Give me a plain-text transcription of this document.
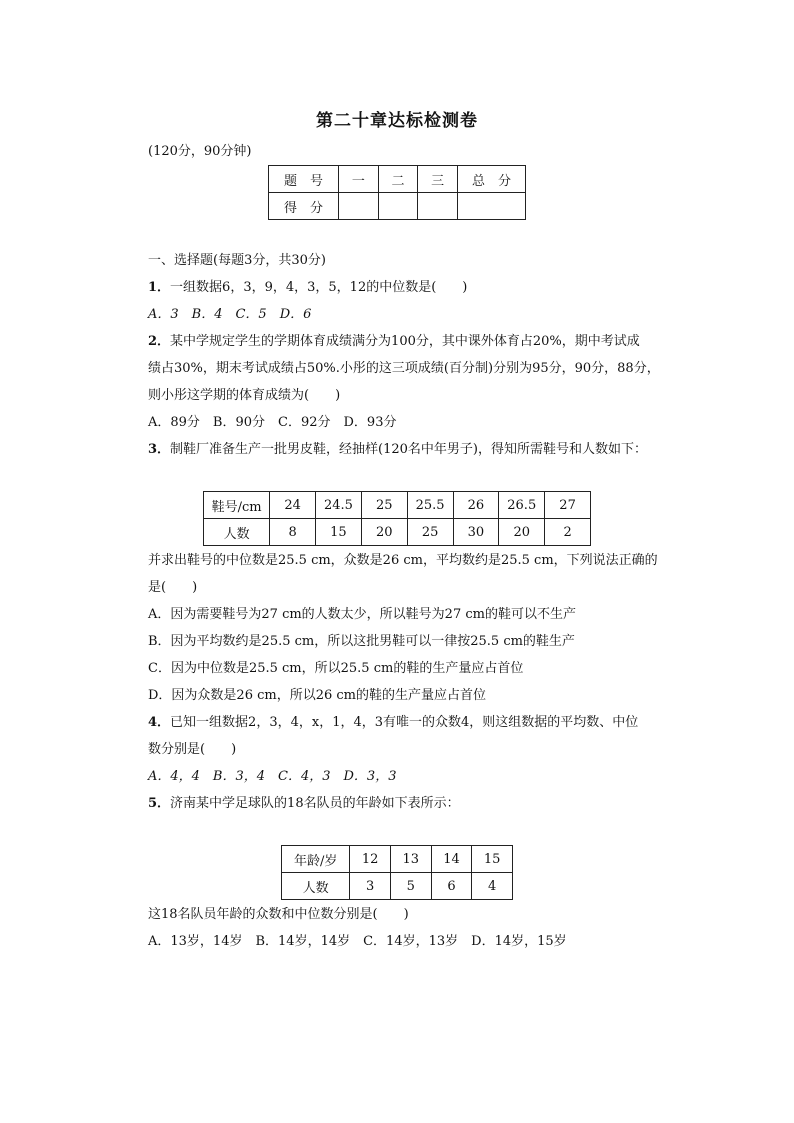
第二十章达标检测卷
(120分，90分钟)
题　号	一	二	三	总　分
得　分				
一、选择题(每题3分，共30分)
1．一组数据6，3，9，4，3，5，12的中位数是(　　)
A．3　B．4　C．5　D．6
2．某中学规定学生的学期体育成绩满分为100分，其中课外体育占20%，期中考试成
绩占30%，期末考试成绩占50%.小彤的这三项成绩(百分制)分别为95分，90分，88分，
则小彤这学期的体育成绩为(　　)
A．89分　B．90分　C．92分　D．93分
3．制鞋厂准备生产一批男皮鞋，经抽样(120名中年男子)，得知所需鞋号和人数如下：
鞋号/cm	24	24.5	25	25.5	26	26.5	27
人数	8	15	20	25	30	20	2
并求出鞋号的中位数是25.5 cm，众数是26 cm，平均数约是25.5 cm，下列说法正确的
是(　　)
A．因为需要鞋号为27 cm的人数太少，所以鞋号为27 cm的鞋可以不生产
B．因为平均数约是25.5 cm，所以这批男鞋可以一律按25.5 cm的鞋生产
C．因为中位数是25.5 cm，所以25.5 cm的鞋的生产量应占首位
D．因为众数是26 cm，所以26 cm的鞋的生产量应占首位
4．已知一组数据2，3，4，x，1，4，3有唯一的众数4，则这组数据的平均数、中位
数分别是(　　)
A．4，4　B．3，4　C．4，3　D．3，3
5．济南某中学足球队的18名队员的年龄如下表所示：
年龄/岁	12	13	14	15
人数	3	5	6	4
这18名队员年龄的众数和中位数分别是(　　)
A．13岁，14岁　B．14岁，14岁　C．14岁，13岁　D．14岁，15岁
